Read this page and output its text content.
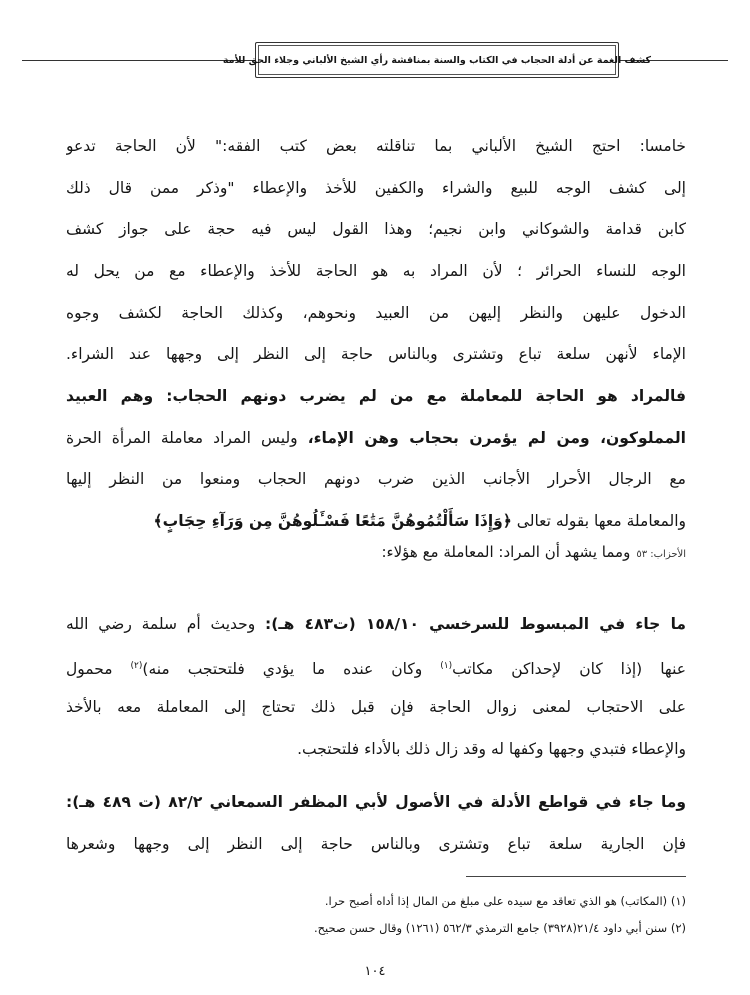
كشف الغمة عن أدلة الحجاب في الكتاب والسنة بمناقشة رأي الشيخ الألباني وجلاء الحق للأمة
خامسا: احتج الشيخ الألباني بما تناقلته بعض كتب الفقه:" لأن الحاجة تدعو
إلى كشف الوجه للبيع والشراء والكفين للأخذ والإعطاء "وذكر ممن قال ذلك
كابن قدامة والشوكاني وابن نجيم؛ وهذا القول ليس فيه حجة على جواز كشف
الوجه للنساء الحرائر ؛ لأن المراد به هو الحاجة للأخذ والإعطاء مع من يحل له
الدخول عليهن والنظر إليهن من العبيد ونحوهم، وكذلك الحاجة لكشف وجوه
الإماء لأنهن سلعة تباع وتشترى وبالناس حاجة إلى النظر إلى وجهها عند الشراء.
فالمراد هو الحاجة للمعاملة مع من لم يضرب دونهم الحجاب: وهم العبيد
المملوكون، ومن لم يؤمرن بحجاب وهن الإماء، وليس المراد معاملة المرأة الحرة
مع الرجال الأحرار الأجانب الذين ضرب دونهم الحجاب ومنعوا من النظر إليها
والمعاملة معها بقوله تعالى ﴿وَإِذَا سَأَلْتُمُوهُنَّ مَتَٰعًا فَسْـَٔلُوهُنَّ مِن وَرَآءِ حِجَابٍ﴾
الأحزاب: ٥٣
ومما يشهد أن المراد: المعاملة مع هؤلاء:
ما جاء في المبسوط للسرخسي ١٥٨/١٠ (ت٤٨٣ هـ): وحديث أم سلمة رضي الله
عنها (إذا كان لإحداكن مكاتب$^{(١)}$ وكان عنده ما يؤدي فلتحتجب منه)$^{(٢)}$ محمول
على الاحتجاب لمعنى زوال الحاجة فإن قبل ذلك تحتاج إلى المعاملة معه بالأخذ
والإعطاء فتبدي وجهها وكفها له وقد زال ذلك بالأداء فلتحتجب.
وما جاء في قواطع الأدلة في الأصول لأبي المظفر السمعاني ٨٢/٢ (ت ٤٨٩ هـ):
فإن الجارية سلعة تباع وتشترى وبالناس حاجة إلى النظر إلى وجهها وشعرها
(١) (المكاتب) هو الذي تعاقد مع سيده على مبلغ من المال إذا أداه أصبح حرا.
(٢) سنن أبي داود ٢١/٤(٣٩٢٨) جامع الترمذي ٥٦٢/٣ (١٢٦١) وقال حسن صحيح.
١٠٤
